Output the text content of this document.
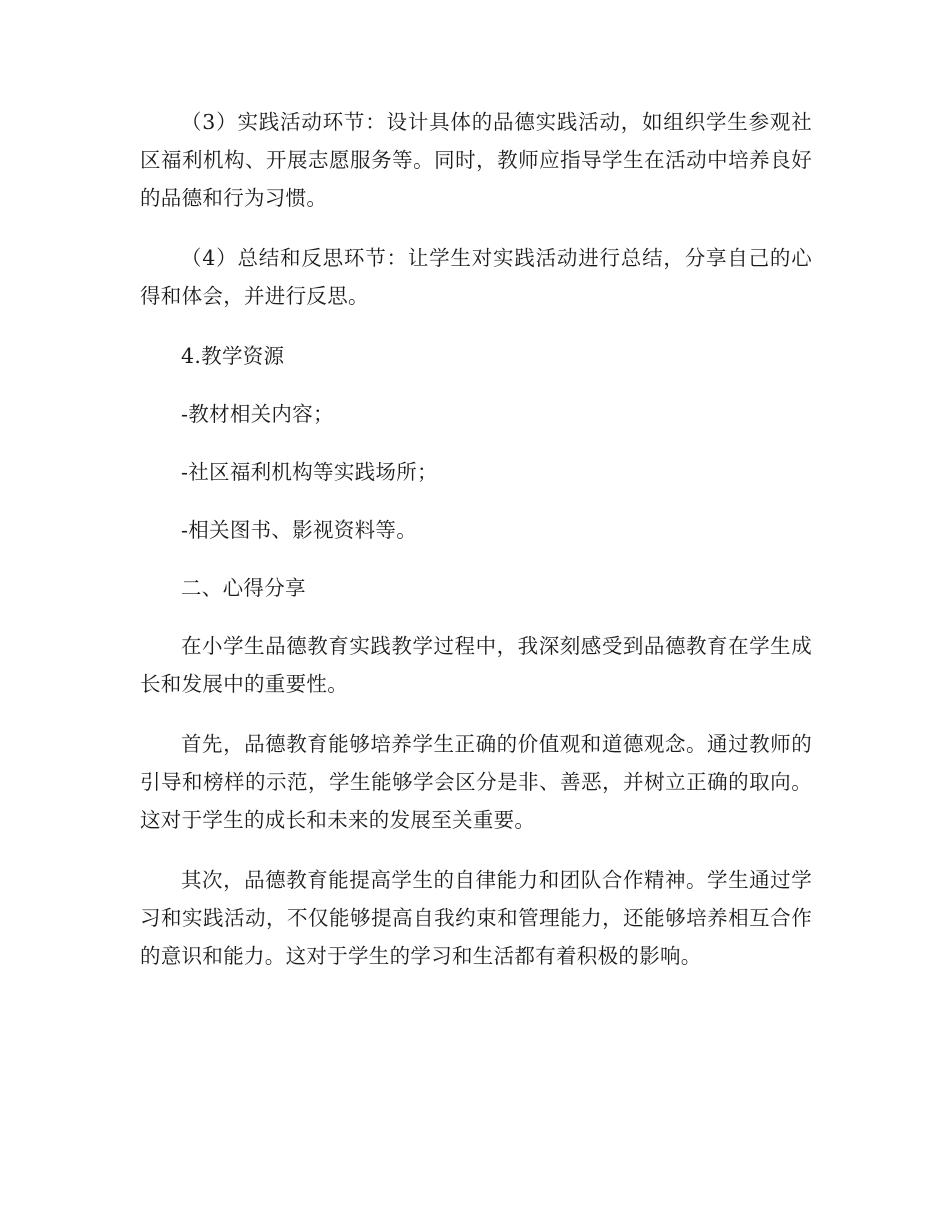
（3）实践活动环节：设计具体的品德实践活动，如组织学生参观社区福利机构、开展志愿服务等。同时，教师应指导学生在活动中培养良好的品德和行为习惯。

（4）总结和反思环节：让学生对实践活动进行总结，分享自己的心得和体会，并进行反思。

4.教学资源

-教材相关内容；

-社区福利机构等实践场所；

-相关图书、影视资料等。

二、心得分享

在小学生品德教育实践教学过程中，我深刻感受到品德教育在学生成长和发展中的重要性。

首先，品德教育能够培养学生正确的价值观和道德观念。通过教师的引导和榜样的示范，学生能够学会区分是非、善恶，并树立正确的取向。这对于学生的成长和未来的发展至关重要。

其次，品德教育能提高学生的自律能力和团队合作精神。学生通过学习和实践活动，不仅能够提高自我约束和管理能力，还能够培养相互合作的意识和能力。这对于学生的学习和生活都有着积极的影响。
